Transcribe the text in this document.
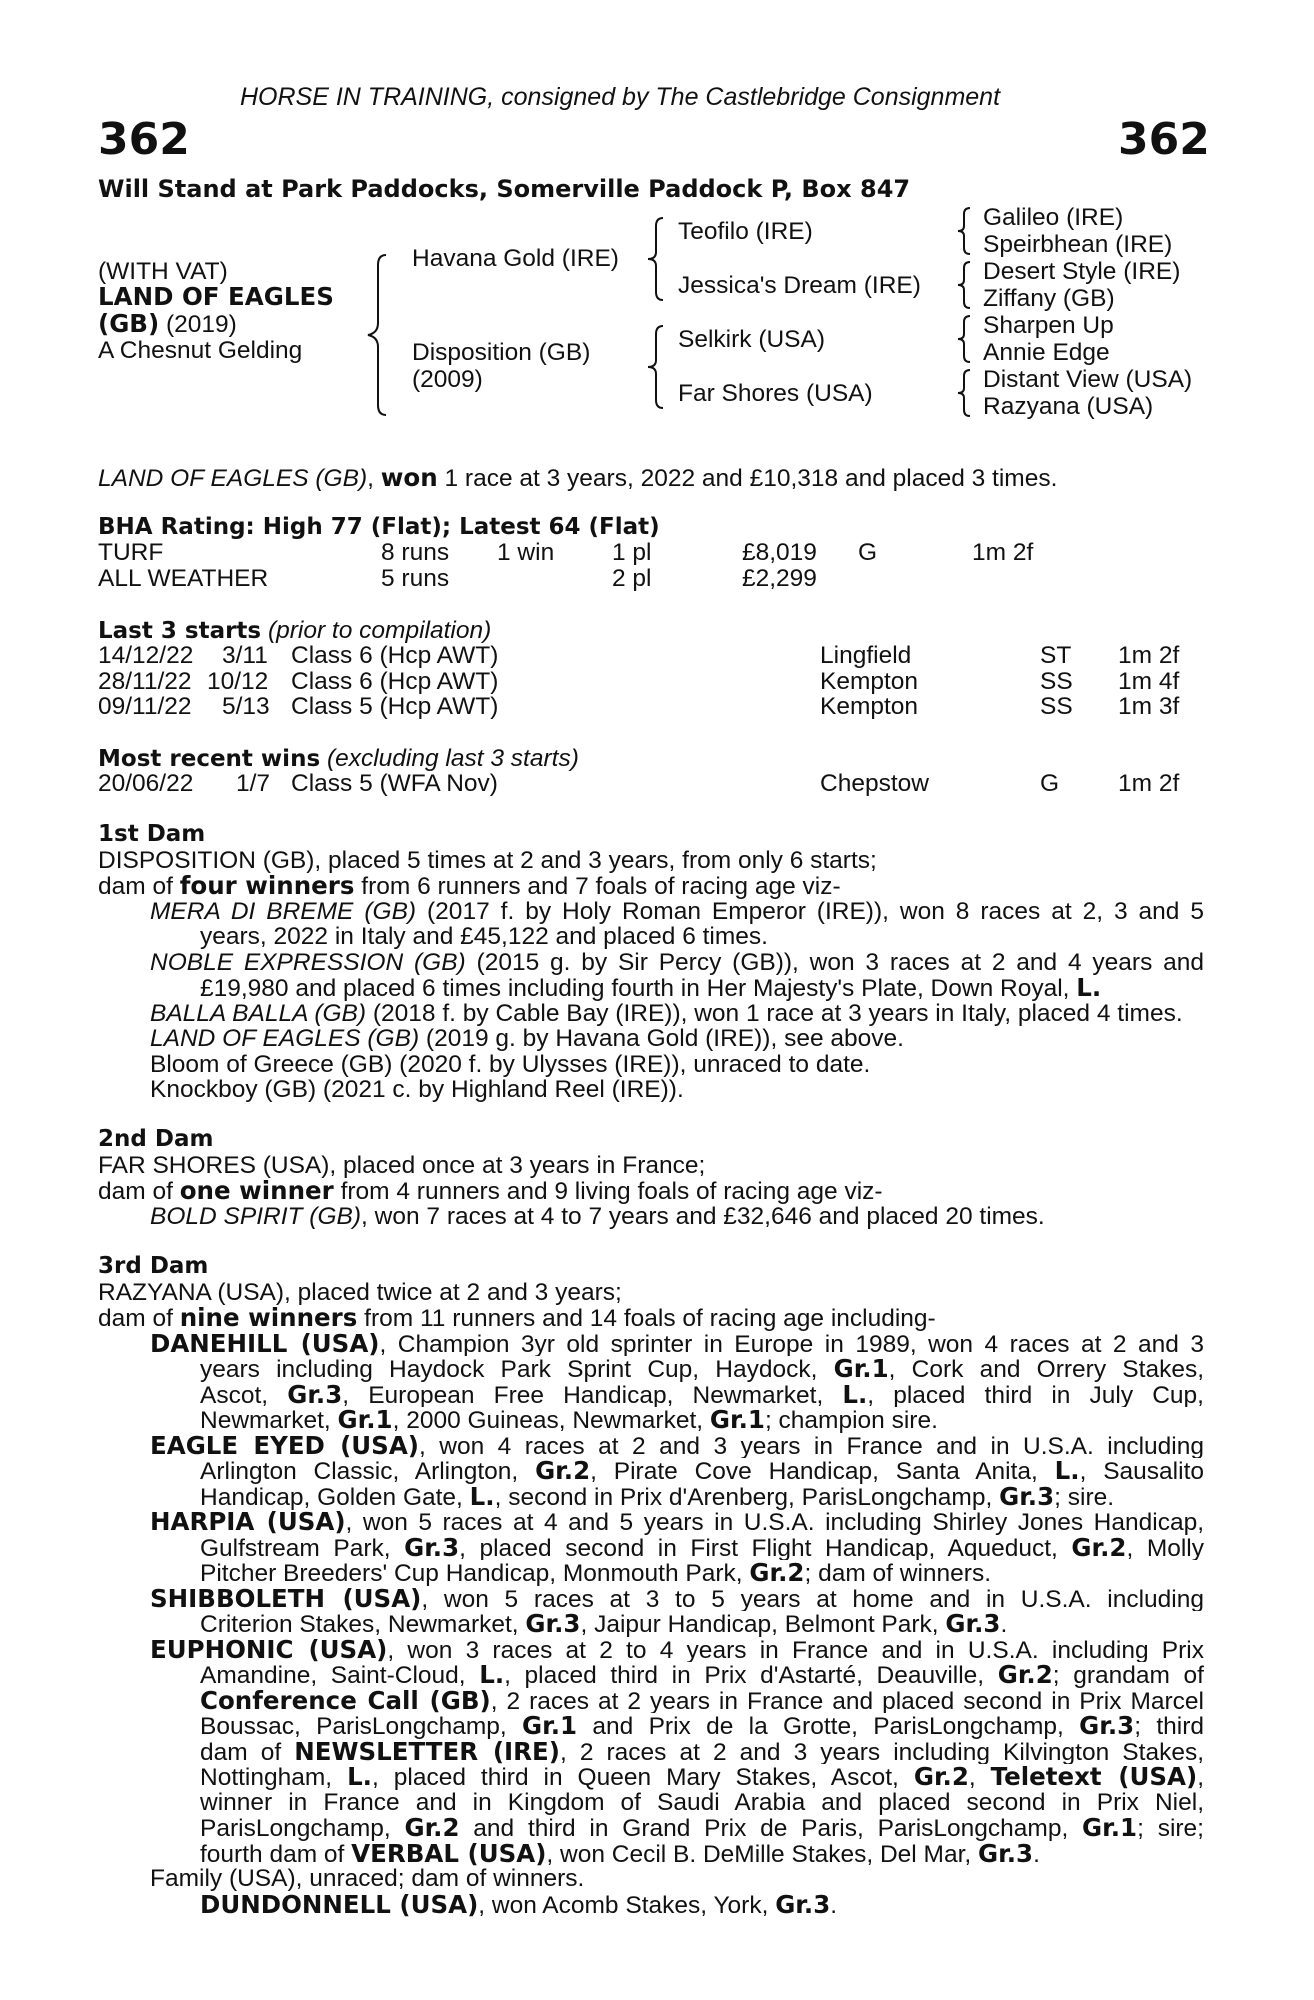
HORSE IN TRAINING, consigned by The Castlebridge Consignment
362	362
Will Stand at Park Paddocks, Somerville Paddock P, Box 847
(WITH VAT)
LAND OF EAGLES
(GB) (2019)
A Chesnut Gelding
Havana Gold (IRE)
Disposition (GB)
(2009)
Teofilo (IRE)
Jessica's Dream (IRE)
Selkirk (USA)
Far Shores (USA)
Galileo (IRE)
Speirbhean (IRE)
Desert Style (IRE)
Ziffany (GB)
Sharpen Up
Annie Edge
Distant View (USA)
Razyana (USA)
LAND OF EAGLES (GB), won 1 race at 3 years, 2022 and £10,318 and placed 3 times.
BHA Rating: High 77 (Flat); Latest 64 (Flat)
TURF	8 runs 1 win 1 pl	£8,019 G	1m 2f
ALL WEATHER	5 runs	2 pl	£2,299
Last 3 starts (prior to compilation)
14/12/22 3/11 Class 6 (Hcp AWT)	Lingfield	ST 1m 2f
28/11/22 10/12 Class 6 (Hcp AWT)	Kempton	SS 1m 4f
09/11/22 5/13 Class 5 (Hcp AWT)	Kempton	SS 1m 3f
Most recent wins (excluding last 3 starts)
20/06/22 1/7 Class 5 (WFA Nov)	Chepstow	G 1m 2f
1st Dam
DISPOSITION (GB), placed 5 times at 2 and 3 years, from only 6 starts;
dam of four winners from 6 runners and 7 foals of racing age viz-
MERA DI BREME (GB) (2017 f. by Holy Roman Emperor (IRE)), won 8 races at 2, 3 and 5
years, 2022 in Italy and £45,122 and placed 6 times.
NOBLE EXPRESSION (GB) (2015 g. by Sir Percy (GB)), won 3 races at 2 and 4 years and
£19,980 and placed 6 times including fourth in Her Majesty's Plate, Down Royal, L.
BALLA BALLA (GB) (2018 f. by Cable Bay (IRE)), won 1 race at 3 years in Italy, placed 4 times.
LAND OF EAGLES (GB) (2019 g. by Havana Gold (IRE)), see above.
Bloom of Greece (GB) (2020 f. by Ulysses (IRE)), unraced to date.
Knockboy (GB) (2021 c. by Highland Reel (IRE)).
2nd Dam
FAR SHORES (USA), placed once at 3 years in France;
dam of one winner from 4 runners and 9 living foals of racing age viz-
BOLD SPIRIT (GB), won 7 races at 4 to 7 years and £32,646 and placed 20 times.
3rd Dam
RAZYANA (USA), placed twice at 2 and 3 years;
dam of nine winners from 11 runners and 14 foals of racing age including-
DANEHILL (USA), Champion 3yr old sprinter in Europe in 1989, won 4 races at 2 and 3
years including Haydock Park Sprint Cup, Haydock, Gr.1, Cork and Orrery Stakes,
Ascot, Gr.3, European Free Handicap, Newmarket, L., placed third in July Cup,
Newmarket, Gr.1, 2000 Guineas, Newmarket, Gr.1; champion sire.
EAGLE EYED (USA), won 4 races at 2 and 3 years in France and in U.S.A. including
Arlington Classic, Arlington, Gr.2, Pirate Cove Handicap, Santa Anita, L., Sausalito
Handicap, Golden Gate, L., second in Prix d'Arenberg, ParisLongchamp, Gr.3; sire.
HARPIA (USA), won 5 races at 4 and 5 years in U.S.A. including Shirley Jones Handicap,
Gulfstream Park, Gr.3, placed second in First Flight Handicap, Aqueduct, Gr.2, Molly
Pitcher Breeders' Cup Handicap, Monmouth Park, Gr.2; dam of winners.
SHIBBOLETH (USA), won 5 races at 3 to 5 years at home and in U.S.A. including
Criterion Stakes, Newmarket, Gr.3, Jaipur Handicap, Belmont Park, Gr.3.
EUPHONIC (USA), won 3 races at 2 to 4 years in France and in U.S.A. including Prix
Amandine, Saint-Cloud, L., placed third in Prix d'Astarté, Deauville, Gr.2; grandam of
Conference Call (GB), 2 races at 2 years in France and placed second in Prix Marcel
Boussac, ParisLongchamp, Gr.1 and Prix de la Grotte, ParisLongchamp, Gr.3; third
dam of NEWSLETTER (IRE), 2 races at 2 and 3 years including Kilvington Stakes,
Nottingham, L., placed third in Queen Mary Stakes, Ascot, Gr.2, Teletext (USA),
winner in France and in Kingdom of Saudi Arabia and placed second in Prix Niel,
ParisLongchamp, Gr.2 and third in Grand Prix de Paris, ParisLongchamp, Gr.1; sire;
fourth dam of VERBAL (USA), won Cecil B. DeMille Stakes, Del Mar, Gr.3.
Family (USA), unraced; dam of winners.
DUNDONNELL (USA), won Acomb Stakes, York, Gr.3.
